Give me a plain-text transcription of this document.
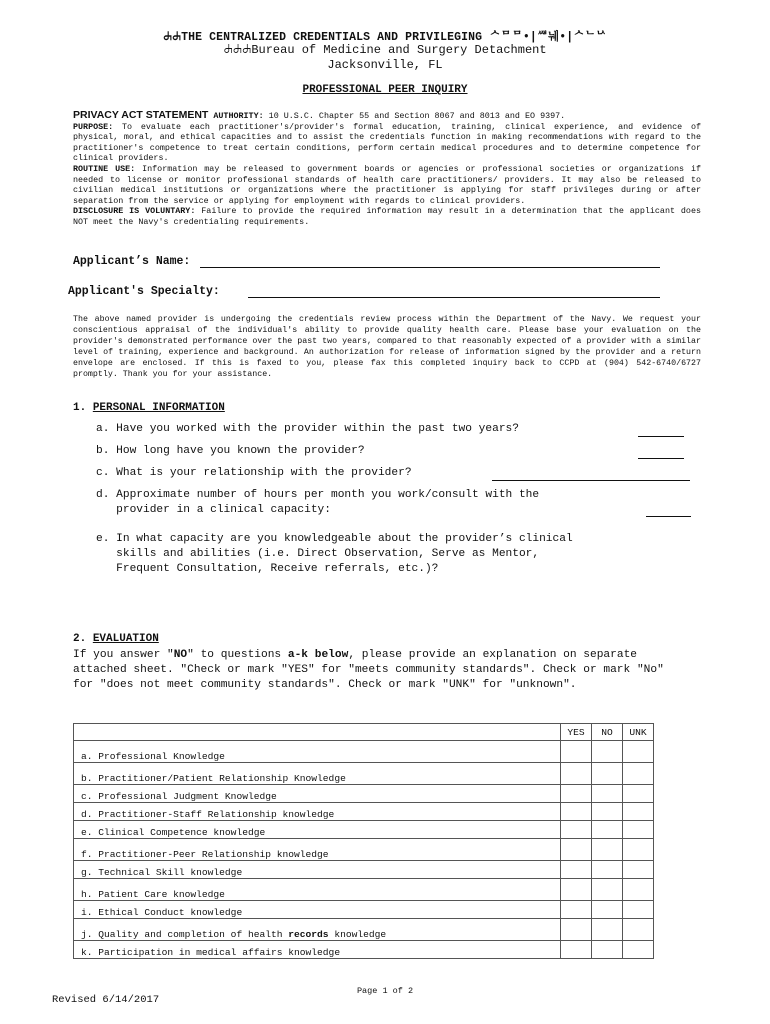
ꕈꕈTHE CENTRALIZED CREDENTIALS AND PRIVILEGING ᄉᄆᄆ•|ᄉᄉᄇ눼•|ᄉᄂᄂᄉ
ꕈꕈꕈBureau of Medicine and Surgery Detachment
Jacksonville, FL
PROFESSIONAL PEER INQUIRY

PRIVACY ACT STATEMENT AUTHORITY: 10 U.S.C. Chapter 55 and Section 8067 and 8013 and EO 9397.

PURPOSE: To evaluate each practitioner's/provider's formal education, training, clinical experience, and evidence of physical, moral, and ethical capacities and to assist the credentials function in making recommendations with regard to the practitioner's competence to treat certain conditions, perform certain medical procedures and to determine competence for clinical providers.

ROUTINE USE: Information may be released to government boards or agencies or professional societies or organizations if needed to license or monitor professional standards of health care practitioners/ providers. It may also be released to civilian medical institutions or organizations where the practitioner is applying for staff privileges during or after separation from the service or applying for employment with regards to clinical providers.

DISCLOSURE IS VOLUNTARY: Failure to provide the required information may result in a determination that the applicant does NOT meet the Navy's credentialing requirements.

Applicant’s Name:
Applicant's Specialty:
The above named provider is undergoing the credentials review process within the Department of the Navy. We request your conscientious appraisal of the individual's ability to provide quality health care. Please base your evaluation on the provider's demonstrated performance over the past two years, compared to that reasonably expected of a provider with a similar level of training, experience and background. An authorization for release of information signed by the provider and a return envelope are enclosed. If this is faxed to you, please fax this completed inquiry back to CCPD at (904) 542-6740/6727 promptly. Thank you for your assistance.
1. PERSONAL INFORMATION
a. Have you worked with the provider within the past two years?
b. How long have you known the provider?
c. What is your relationship with the provider?
d. Approximate number of hours per month you work/consult with the
provider in a clinical capacity:
e. In what capacity are you knowledgeable about the provider’s clinical
skills and abilities (i.e. Direct Observation, Serve as Mentor,
Frequent Consultation, Receive referrals, etc.)?
2. EVALUATION
If you answer "NO" to questions a-k below, please provide an explanation on separate attached sheet. "Check or mark "YES" for "meets community standards". Check or mark "No" for "does not meet community standards". Check or mark "UNK" for "unknown".
	YES	NO	UNK
a. Professional Knowledge			
b. Practitioner/Patient Relationship Knowledge			
c. Professional Judgment Knowledge			
d. Practitioner-Staff Relationship knowledge			
e. Clinical Competence knowledge			
f. Practitioner-Peer Relationship knowledge			
g. Technical Skill knowledge			
h. Patient Care knowledge			
i. Ethical Conduct knowledge			
j. Quality and completion of health records knowledge			
k. Participation in medical affairs knowledge			
Page 1 of 2
Revised 6/14/2017
